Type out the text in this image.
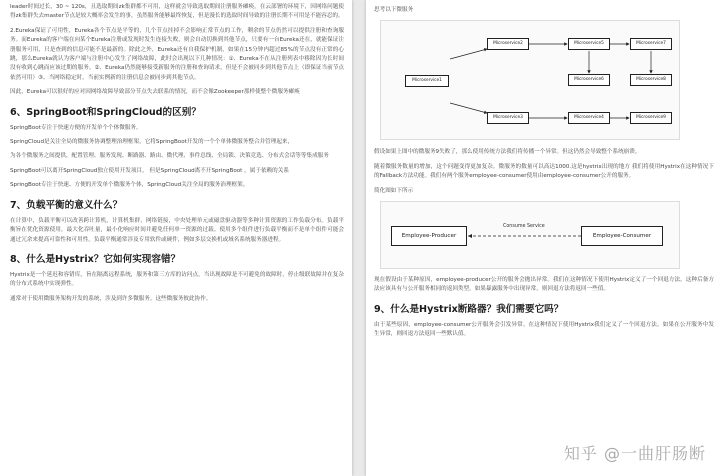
leader时间过长，30 ~ 120s，且选取期间zk集群都不可用，这样就会导致选取期间注册服务瘫痪。在云部署的环境下，因网络问题使得zk集群失去master节点是较大概率会发生的事，虽然服务能够最终恢复，但是漫长的选取时间导致的注册长期不可用是不能容忍的。

2.Eureka保证了可用性，Eureka各个节点是平等的，几个节点挂掉不会影响正常节点的工作，剩余的节点仍然可以提供注册和查询服务。而Eureka的客户端在向某个Eureka注册或发现时发生连接失败，则会自动切换到其他节点，只要有一台Eureka还在，就能保证注册服务可用，只是查到的信息可能不是最新的。除此之外，Eureka还有自我保护机制，如果在15分钟内超过85%的节点没有正常的心跳，那么Eureka就认为客户端与注册中心发生了网络故障，此时会出现以下几种情况：①、Eureka不在从注册列表中移除因为长时间没有收到心跳而应该过期的服务。②、Eureka仍然能够接受新服务的注册和查询请求，但是不会被同步到其他节点上（即保证当前节点依然可用）③、当网络稳定时，当前实例新的注册信息会被同步到其他节点。

因此，Eureka可以很好的应对因网络故障导致部分节点失去联系的情况，而不会像Zookeeper那样使整个微服务瘫痪

6、SpringBoot和SpringCloud的区别？

SpringBoot专注于快速方便的开发单个个体微服务。

SpringCloud是关注全局的微服务协调整理治理框架，它将SpringBoot开发的一个个单体微服务整合并管理起来，

为各个微服务之间提供，配置管理、服务发现、断路器、路由、微代理、事件总线、全局锁、决策竞选、分布式会话等等集成服务

SpringBoot可以离开SpringCloud独立使用开发项目， 但是SpringCloud离不开SpringBoot ，属于依赖的关系

SpringBoot专注于快速、方便的开发单个微服务个体，SpringCloud关注全局的服务治理框架。

7、负载平衡的意义什么？

在计算中，负载平衡可以改善跨计算机，计算机集群，网络链接，中央处理单元或磁盘驱动器等多种计算资源的工作负载分布。负载平衡旨在优化资源使用，最大化吞吐量，最小化响应时间并避免任何单一资源的过载。使用多个组件进行负载平衡而不是单个组件可能会通过冗余来提高可靠性和可用性。负载平衡通常涉及专用软件或硬件，例如多层交换机或域名系统服务器进程。

8、什么是Hystrix？它如何实现容错？

Hystrix是一个延迟和容错库，旨在隔离远程系统，服务和第三方库的访问点，当出现故障是不可避免的故障时，停止级联故障并在复杂的分布式系统中实现弹性。

通常对于使用微服务架构开发的系统，涉及到许多微服务。这些微服务彼此协作。

思考以下微服务

Microservice1
Microservice2
Microservice3
Microservice5
Microservice6
Microservice4
Microservice7
Microservice8
Microservice9

假设如果上图中的微服务9失败了，那么使用传统方法我们将传播一个异常。但这仍然会导致整个系统崩溃。

随着微服务数量的增加，这个问题变得更加复杂。微服务的数量可以高达1000.这是hystrix出现的地方 我们将使用Hystrix在这种情况下的Fallback方法功能。我们有两个服务employee-consumer使用由employee-consumer公开的服务。

简化图如下所示

Employee-Producer
Consume Service
Employee-Consumer

现在假设由于某种原因，employee-producer公开的服务会抛出异常。我们在这种情况下使用Hystrix定义了一个回退方法。这种后备方法应该具有与公开服务相同的返回类型。如果暴露服务中出现异常，则回退方法将返回一些值。

9、什么是Hystrix断路器？我们需要它吗？

由于某些原因，employee-consumer公开服务会引发异常。在这种情况下使用Hystrix我们定义了一个回退方法。如果在公开服务中发生异常，则回退方法返回一些默认值。

知乎 @一曲肝肠断
